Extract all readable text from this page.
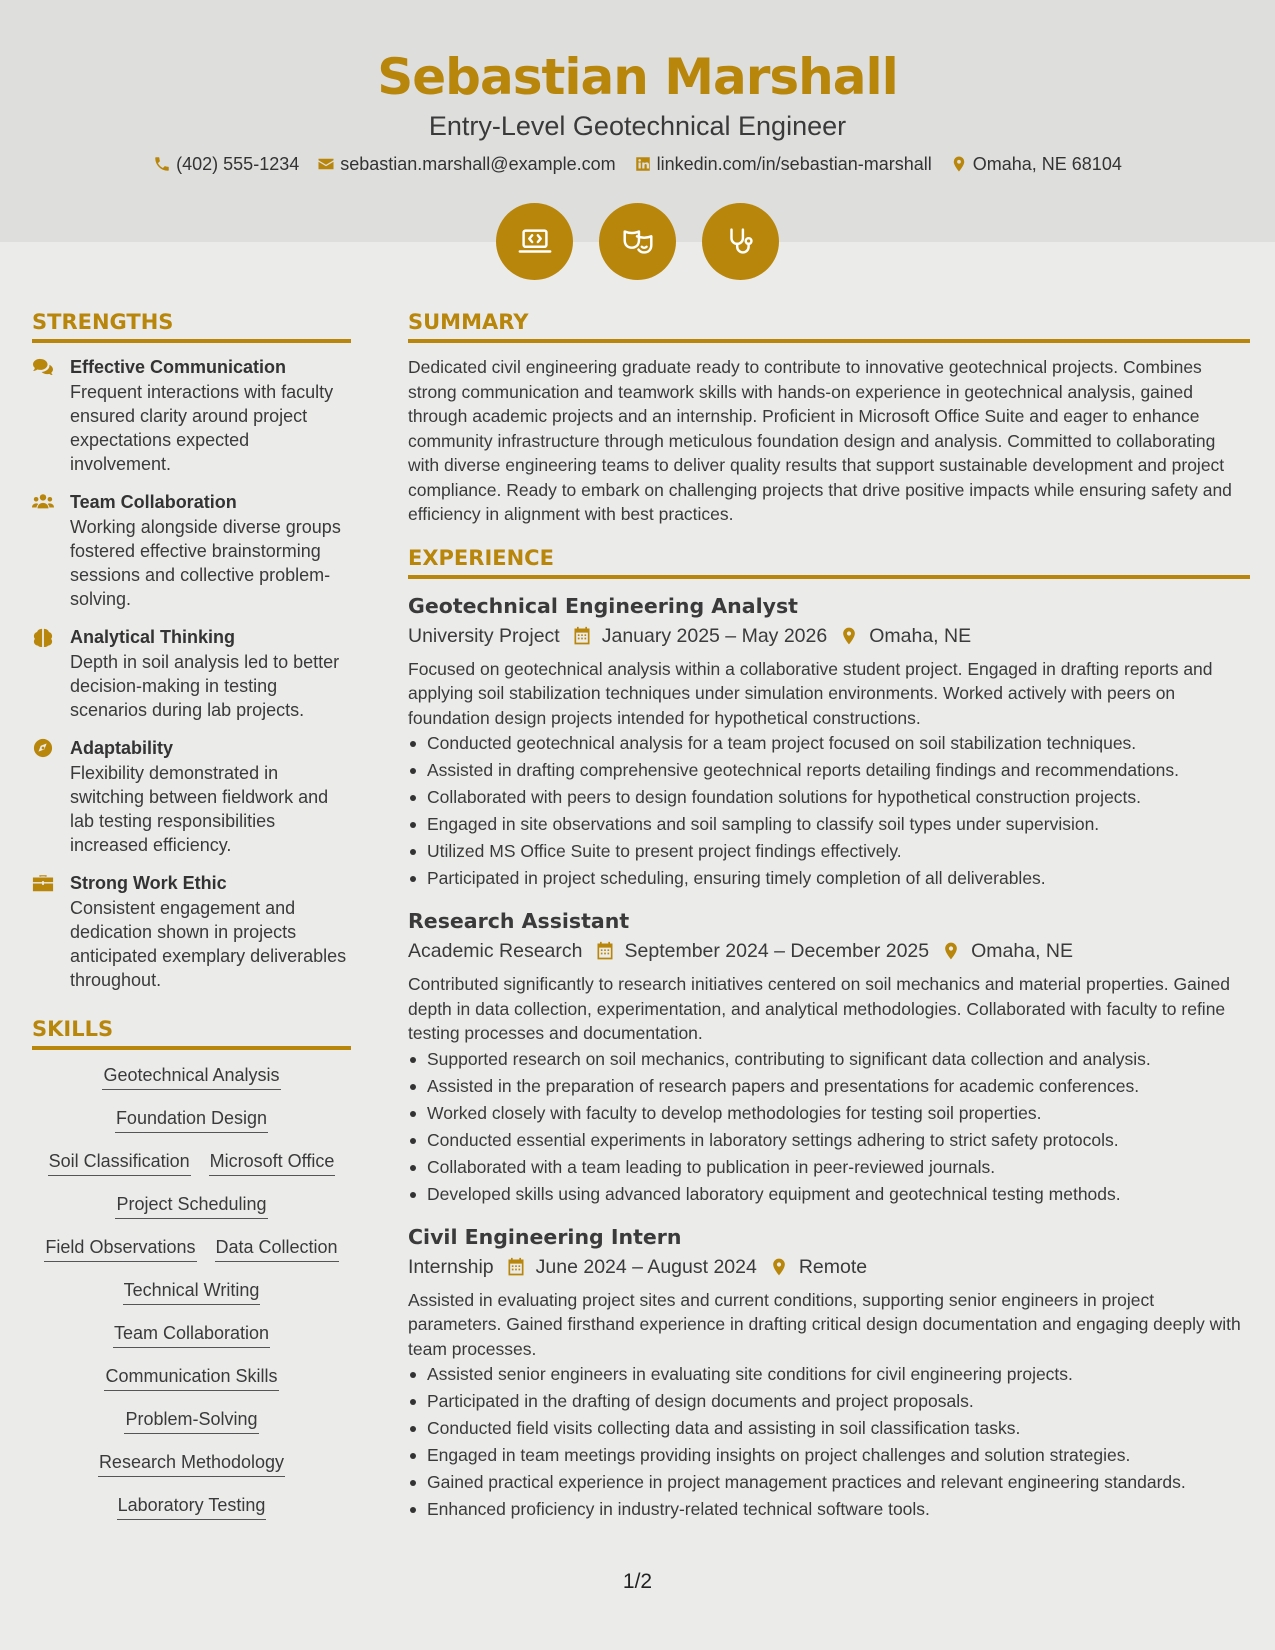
Sebastian Marshall
Entry-Level Geotechnical Engineer
(402) 555-1234 sebastian.marshall@example.com linkedin.com/in/sebastian-marshall Omaha, NE 68104
STRENGTHS
Effective Communication
Frequent interactions with faculty ensured clarity around project expectations expected involvement.
Team Collaboration
Working alongside diverse groups fostered effective brainstorming sessions and collective problem-solving.
Analytical Thinking
Depth in soil analysis led to better decision-making in testing scenarios during lab projects.
Adaptability
Flexibility demonstrated in switching between fieldwork and lab testing responsibilities increased efficiency.
Strong Work Ethic
Consistent engagement and dedication shown in projects anticipated exemplary deliverables throughout.
SKILLS
Geotechnical Analysis
Foundation Design
Soil Classification Microsoft Office
Project Scheduling
Field Observations Data Collection
Technical Writing
Team Collaboration
Communication Skills
Problem-Solving
Research Methodology
Laboratory Testing
SUMMARY
Dedicated civil engineering graduate ready to contribute to innovative geotechnical projects. Combines strong communication and teamwork skills with hands-on experience in geotechnical analysis, gained through academic projects and an internship. Proficient in Microsoft Office Suite and eager to enhance community infrastructure through meticulous foundation design and analysis. Committed to collaborating with diverse engineering teams to deliver quality results that support sustainable development and project compliance. Ready to embark on challenging projects that drive positive impacts while ensuring safety and efficiency in alignment with best practices.
EXPERIENCE
Geotechnical Engineering Analyst
University Project January 2025 – May 2026 Omaha, NE
Focused on geotechnical analysis within a collaborative student project. Engaged in drafting reports and applying soil stabilization techniques under simulation environments. Worked actively with peers on foundation design projects intended for hypothetical constructions.
Conducted geotechnical analysis for a team project focused on soil stabilization techniques.
Assisted in drafting comprehensive geotechnical reports detailing findings and recommendations.
Collaborated with peers to design foundation solutions for hypothetical construction projects.
Engaged in site observations and soil sampling to classify soil types under supervision.
Utilized MS Office Suite to present project findings effectively.
Participated in project scheduling, ensuring timely completion of all deliverables.
Research Assistant
Academic Research September 2024 – December 2025 Omaha, NE
Contributed significantly to research initiatives centered on soil mechanics and material properties. Gained depth in data collection, experimentation, and analytical methodologies. Collaborated with faculty to refine testing processes and documentation.
Supported research on soil mechanics, contributing to significant data collection and analysis.
Assisted in the preparation of research papers and presentations for academic conferences.
Worked closely with faculty to develop methodologies for testing soil properties.
Conducted essential experiments in laboratory settings adhering to strict safety protocols.
Collaborated with a team leading to publication in peer-reviewed journals.
Developed skills using advanced laboratory equipment and geotechnical testing methods.
Civil Engineering Intern
Internship June 2024 – August 2024 Remote
Assisted in evaluating project sites and current conditions, supporting senior engineers in project parameters. Gained firsthand experience in drafting critical design documentation and engaging deeply with team processes.
Assisted senior engineers in evaluating site conditions for civil engineering projects.
Participated in the drafting of design documents and project proposals.
Conducted field visits collecting data and assisting in soil classification tasks.
Engaged in team meetings providing insights on project challenges and solution strategies.
Gained practical experience in project management practices and relevant engineering standards.
Enhanced proficiency in industry-related technical software tools.
1/2
